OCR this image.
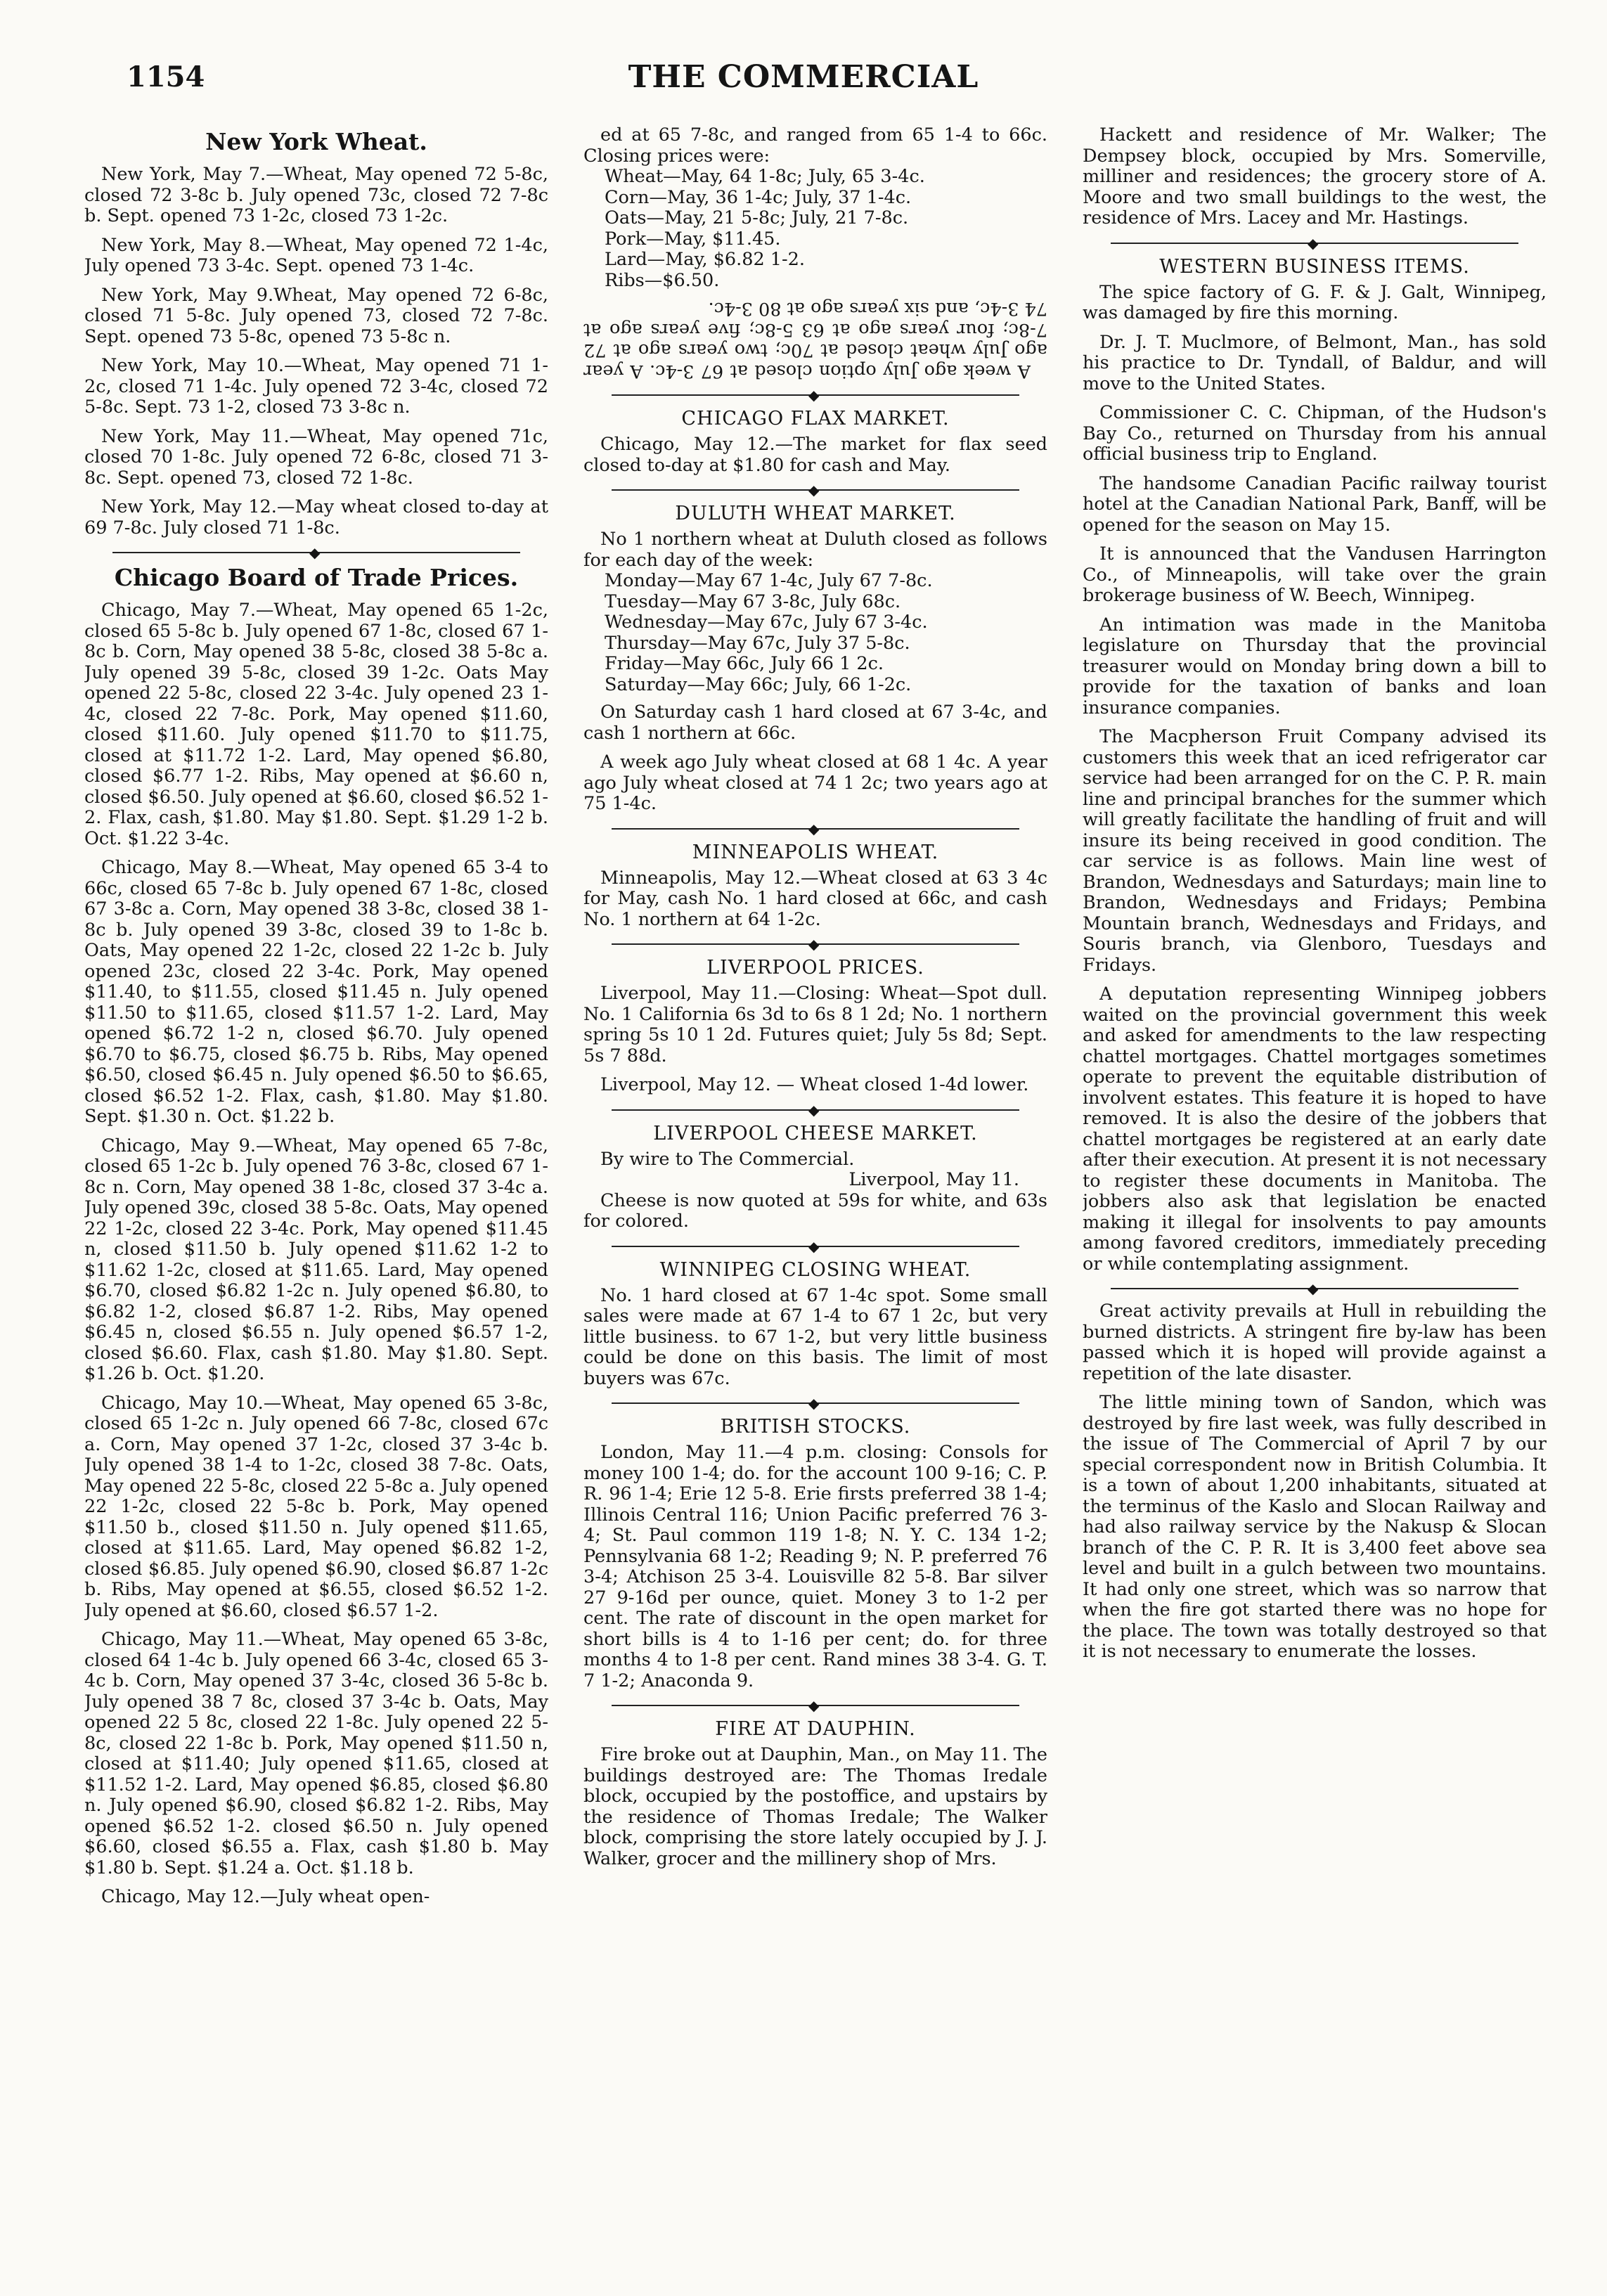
1154	THE COMMERCIAL
New York Wheat.

New York, May 7.—Wheat, May opened 72 5-8c, closed 72 3-8c b. July opened 73c, closed 72 7-8c b. Sept. opened 73 1-2c, closed 73 1-2c.

New York, May 8.—Wheat, May opened 72 1-4c, July opened 73 3-4c. Sept. opened 73 1-4c.

New York, May 9.Wheat, May opened 72 6-8c, closed 71 5-8c. July opened 73, closed 72 7-8c. Sept. opened 73 5-8c, opened 73 5-8c n.

New York, May 10.—Wheat, May opened 71 1-2c, closed 71 1-4c. July opened 72 3-4c, closed 72 5-8c. Sept. 73 1-2, closed 73 3-8c n.

New York, May 11.—Wheat, May opened 71c, closed 70 1-8c. July opened 72 6-8c, closed 71 3-8c. Sept. opened 73, closed 72 1-8c.

New York, May 12.—May wheat closed to-day at 69 7-8c. July closed 71 1-8c.

◆
Chicago Board of Trade Prices.

Chicago, May 7.—Wheat, May opened 65 1-2c, closed 65 5-8c b. July opened 67 1-8c, closed 67 1-8c b. Corn, May opened 38 5-8c, closed 38 5-8c a. July opened 39 5-8c, closed 39 1-2c. Oats May opened 22 5-8c, closed 22 3-4c. July opened 23 1-4c, closed 22 7-8c. Pork, May opened $11.60, closed $11.60. July opened $11.70 to $11.75, closed at $11.72 1-2. Lard, May opened $6.80, closed $6.77 1-2. Ribs, May opened at $6.60 n, closed $6.50. July opened at $6.60, closed $6.52 1-2. Flax, cash, $1.80. May $1.80. Sept. $1.29 1-2 b. Oct. $1.22 3-4c.

Chicago, May 8.—Wheat, May opened 65 3-4 to 66c, closed 65 7-8c b. July opened 67 1-8c, closed 67 3-8c a. Corn, May opened 38 3-8c, closed 38 1-8c b. July opened 39 3-8c, closed 39 to 1-8c b. Oats, May opened 22 1-2c, closed 22 1-2c b. July opened 23c, closed 22 3-4c. Pork, May opened $11.40, to $11.55, closed $11.45 n. July opened $11.50 to $11.65, closed $11.57 1-2. Lard, May opened $6.72 1-2 n, closed $6.70. July opened $6.70 to $6.75, closed $6.75 b. Ribs, May opened $6.50, closed $6.45 n. July opened $6.50 to $6.65, closed $6.52 1-2. Flax, cash, $1.80. May $1.80. Sept. $1.30 n. Oct. $1.22 b.

Chicago, May 9.—Wheat, May opened 65 7-8c, closed 65 1-2c b. July opened 76 3-8c, closed 67 1-8c n. Corn, May opened 38 1-8c, closed 37 3-4c a. July opened 39c, closed 38 5-8c. Oats, May opened 22 1-2c, closed 22 3-4c. Pork, May opened $11.45 n, closed $11.50 b. July opened $11.62 1-2 to $11.62 1-2c, closed at $11.65. Lard, May opened $6.70, closed $6.82 1-2c n. July opened $6.80, to $6.82 1-2, closed $6.87 1-2. Ribs, May opened $6.45 n, closed $6.55 n. July opened $6.57 1-2, closed $6.60. Flax, cash $1.80. May $1.80. Sept. $1.26 b. Oct. $1.20.

Chicago, May 10.—Wheat, May opened 65 3-8c, closed 65 1-2c n. July opened 66 7-8c, closed 67c a. Corn, May opened 37 1-2c, closed 37 3-4c b. July opened 38 1-4 to 1-2c, closed 38 7-8c. Oats, May opened 22 5-8c, closed 22 5-8c a. July opened 22 1-2c, closed 22 5-8c b. Pork, May opened $11.50 b., closed $11.50 n. July opened $11.65, closed at $11.65. Lard, May opened $6.82 1-2, closed $6.85. July opened $6.90, closed $6.87 1-2c b. Ribs, May opened at $6.55, closed $6.52 1-2. July opened at $6.60, closed $6.57 1-2.

Chicago, May 11.—Wheat, May opened 65 3-8c, closed 64 1-4c b. July opened 66 3-4c, closed 65 3-4c b. Corn, May opened 37 3-4c, closed 36 5-8c b. July opened 38 7 8c, closed 37 3-4c b. Oats, May opened 22 5 8c, closed 22 1-8c. July opened 22 5-8c, closed 22 1-8c b. Pork, May opened $11.50 n, closed at $11.40; July opened $11.65, closed at $11.52 1-2. Lard, May opened $6.85, closed $6.80 n. July opened $6.90, closed $6.82 1-2. Ribs, May opened $6.52 1-2. closed $6.50 n. July opened $6.60, closed $6.55 a. Flax, cash $1.80 b. May $1.80 b. Sept. $1.24 a. Oct. $1.18 b.

Chicago, May 12.—July wheat open-

ed at 65 7-8c, and ranged from 65 1-4 to 66c. Closing prices were:

Wheat—May, 64 1-8c; July, 65 3-4c.
Corn—May, 36 1-4c; July, 37 1-4c.
Oats—May, 21 5-8c; July, 21 7-8c.
Pork—May, $11.45.
Lard—May, $6.82 1-2.
Ribs—$6.50.

A week ago July option closed at 67 3-4c. A year ago July wheat closed at 70c; two years ago at 72 7-8c; four years ago at 63 5-8c; five years ago at 74 3-4c, and six years ago at 80 3-4c.

◆
CHICAGO FLAX MARKET.

Chicago, May 12.—The market for flax seed closed to-day at $1.80 for cash and May.

◆
DULUTH WHEAT MARKET.

No 1 northern wheat at Duluth closed as follows for each day of the week:

Monday—May 67 1-4c, July 67 7-8c.
Tuesday—May 67 3-8c, July 68c.
Wednesday—May 67c, July 67 3-4c.
Thursday—May 67c, July 37 5-8c.
Friday—May 66c, July 66 1 2c.
Saturday—May 66c; July, 66 1-2c.

On Saturday cash 1 hard closed at 67 3-4c, and cash 1 northern at 66c.

A week ago July wheat closed at 68 1 4c. A year ago July wheat closed at 74 1 2c; two years ago at 75 1-4c.

◆
MINNEAPOLIS WHEAT.

Minneapolis, May 12.—Wheat closed at 63 3 4c for May, cash No. 1 hard closed at 66c, and cash No. 1 northern at 64 1-2c.

◆
LIVERPOOL PRICES.

Liverpool, May 11.—Closing: Wheat—Spot dull. No. 1 California 6s 3d to 6s 8 1 2d; No. 1 northern spring 5s 10 1 2d. Futures quiet; July 5s 8d; Sept. 5s 7 88d.

Liverpool, May 12. — Wheat closed 1-4d lower.

◆
LIVERPOOL CHEESE MARKET.

By wire to The Commercial.

Liverpool, May 11.

Cheese is now quoted at 59s for white, and 63s for colored.

◆
WINNIPEG CLOSING WHEAT.

No. 1 hard closed at 67 1-4c spot. Some small sales were made at 67 1-4 to 67 1 2c, but very little business. to 67 1-2, but very little business could be done on this basis. The limit of most buyers was 67c.

◆
BRITISH STOCKS.

London, May 11.—4 p.m. closing: Consols for money 100 1-4; do. for the account 100 9-16; C. P. R. 96 1-4; Erie 12 5-8. Erie firsts preferred 38 1-4; Illinois Central 116; Union Pacific preferred 76 3-4; St. Paul common 119 1-8; N. Y. C. 134 1-2; Pennsylvania 68 1-2; Reading 9; N. P. preferred 76 3-4; Atchison 25 3-4. Louisville 82 5-8. Bar silver 27 9-16d per ounce, quiet. Money 3 to 1-2 per cent. The rate of discount in the open market for short bills is 4 to 1-16 per cent; do. for three months 4 to 1-8 per cent. Rand mines 38 3-4. G. T. 7 1-2; Anaconda 9.

◆
FIRE AT DAUPHIN.

Fire broke out at Dauphin, Man., on May 11. The buildings destroyed are: The Thomas Iredale block, occupied by the postoffice, and upstairs by the residence of Thomas Iredale; The Walker block, comprising the store lately occupied by J. J. Walker, grocer and the millinery shop of Mrs.

Hackett and residence of Mr. Walker; The Dempsey block, occupied by Mrs. Somerville, milliner and residences; the grocery store of A. Moore and two small buildings to the west, the residence of Mrs. Lacey and Mr. Hastings.

◆
WESTERN BUSINESS ITEMS.

The spice factory of G. F. & J. Galt, Winnipeg, was damaged by fire this morning.

Dr. J. T. Muclmore, of Belmont, Man., has sold his practice to Dr. Tyndall, of Baldur, and will move to the United States.

Commissioner C. C. Chipman, of the Hudson's Bay Co., returned on Thursday from his annual official business trip to England.

The handsome Canadian Pacific railway tourist hotel at the Canadian National Park, Banff, will be opened for the season on May 15.

It is announced that the Vandusen Harrington Co., of Minneapolis, will take over the grain brokerage business of W. Beech, Winnipeg.

An intimation was made in the Manitoba legislature on Thursday that the provincial treasurer would on Monday bring down a bill to provide for the taxation of banks and loan insurance companies.

The Macpherson Fruit Company advised its customers this week that an iced refrigerator car service had been arranged for on the C. P. R. main line and principal branches for the summer which will greatly facilitate the handling of fruit and will insure its being received in good condition. The car service is as follows. Main line west of Brandon, Wednesdays and Saturdays; main line to Brandon, Wednesdays and Fridays; Pembina Mountain branch, Wednesdays and Fridays, and Souris branch, via Glenboro, Tuesdays and Fridays.

A deputation representing Winnipeg jobbers waited on the provincial government this week and asked for amendments to the law respecting chattel mortgages. Chattel mortgages sometimes operate to prevent the equitable distribution of involvent estates. This feature it is hoped to have removed. It is also the desire of the jobbers that chattel mortgages be registered at an early date after their execution. At present it is not necessary to register these documents in Manitoba. The jobbers also ask that legislation be enacted making it illegal for insolvents to pay amounts among favored creditors, immediately preceding or while contemplating assignment.

◆

Great activity prevails at Hull in rebuilding the burned districts. A stringent fire by-law has been passed which it is hoped will provide against a repetition of the late disaster.

The little mining town of Sandon, which was destroyed by fire last week, was fully described in the issue of The Commercial of April 7 by our special correspondent now in British Columbia. It is a town of about 1,200 inhabitants, situated at the terminus of the Kaslo and Slocan Railway and had also railway service by the Nakusp & Slocan branch of the C. P. R. It is 3,400 feet above sea level and built in a gulch between two mountains. It had only one street, which was so narrow that when the fire got started there was no hope for the place. The town was totally destroyed so that it is not necessary to enumerate the losses.
